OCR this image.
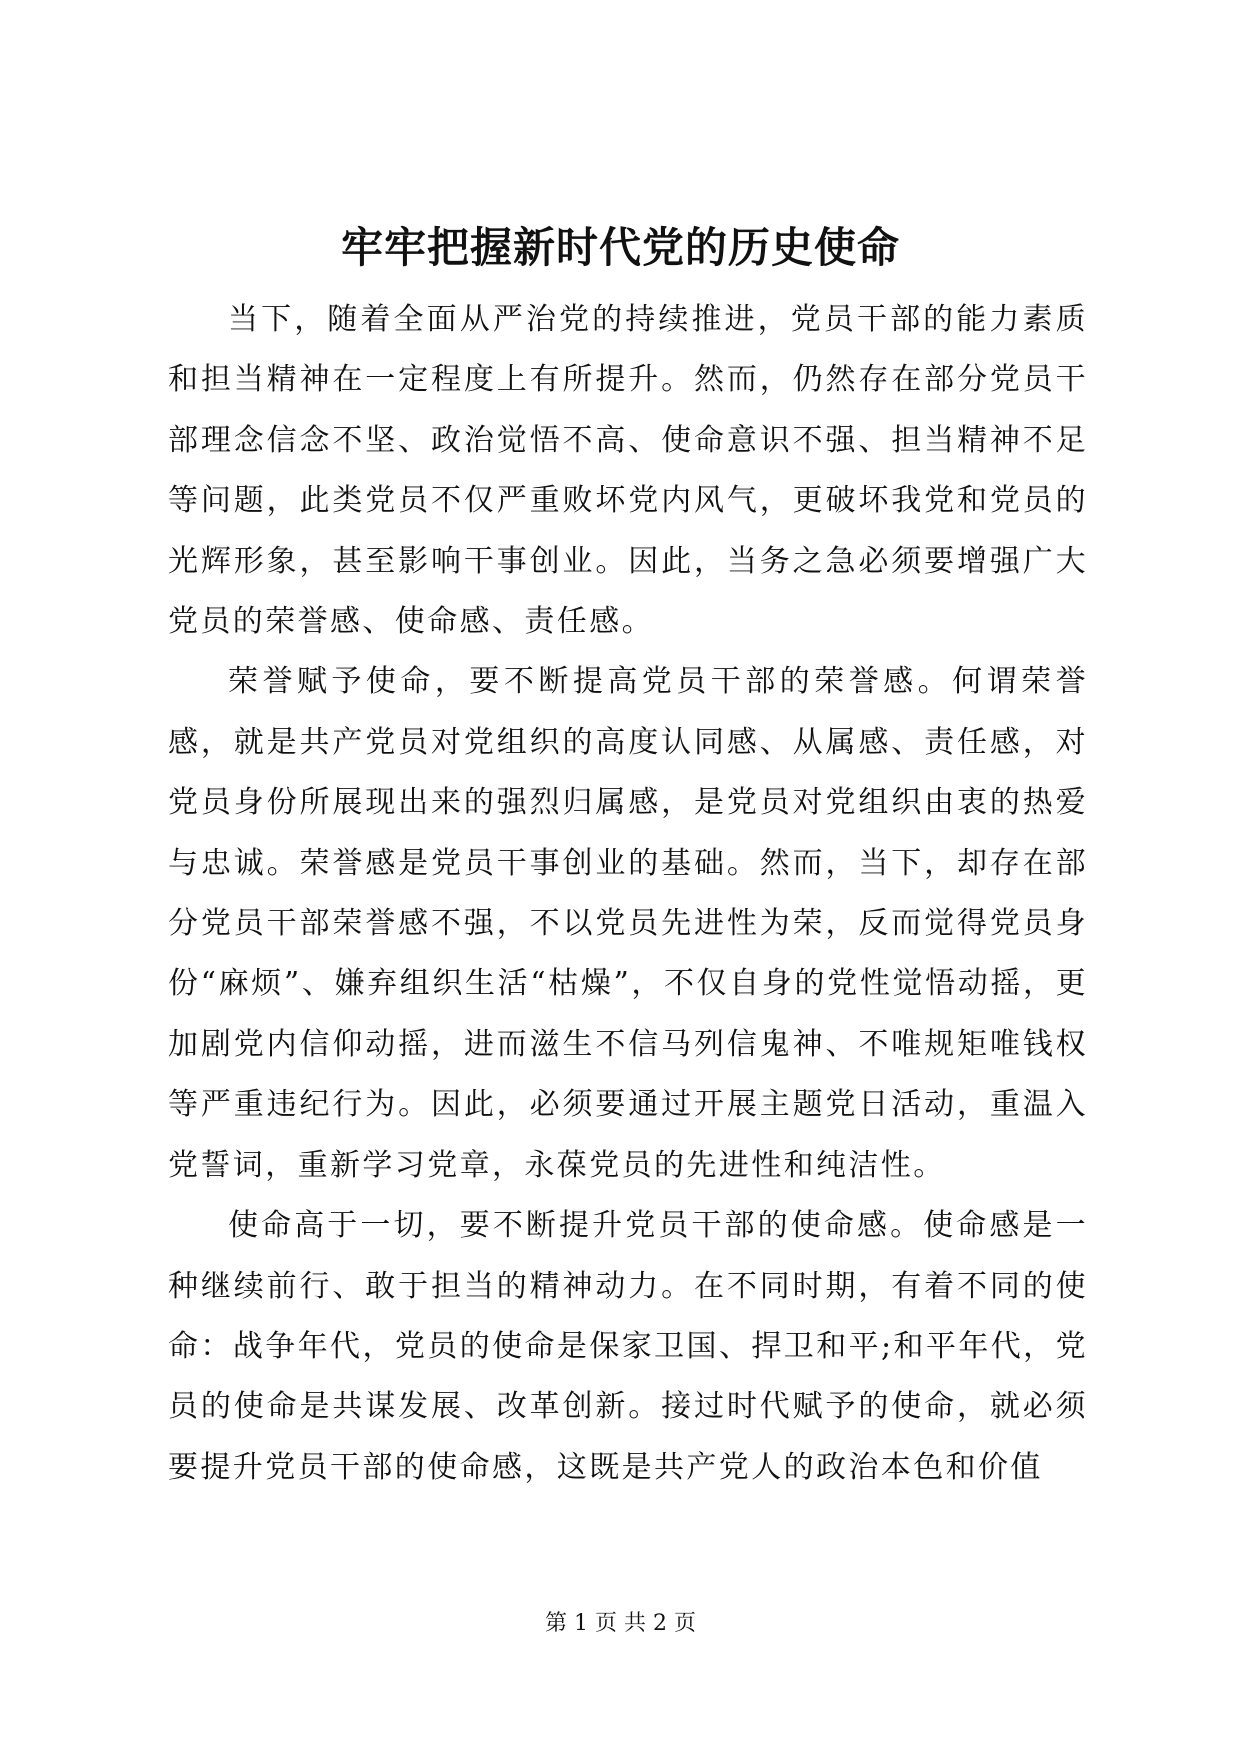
牢牢把握新时代党的历史使命

当下，随着全面从严治党的持续推进，党员干部的能力素质和担当精神在一定程度上有所提升。然而，仍然存在部分党员干部理念信念不坚、政治觉悟不高、使命意识不强、担当精神不足等问题，此类党员不仅严重败坏党内风气，更破坏我党和党员的光辉形象，甚至影响干事创业。因此，当务之急必须要增强广大党员的荣誉感、使命感、责任感。

荣誉赋予使命，要不断提高党员干部的荣誉感。何谓荣誉感，就是共产党员对党组织的高度认同感、从属感、责任感，对党员身份所展现出来的强烈归属感，是党员对党组织由衷的热爱与忠诚。荣誉感是党员干事创业的基础。然而，当下，却存在部分党员干部荣誉感不强，不以党员先进性为荣，反而觉得党员身份“麻烦”、嫌弃组织生活“枯燥”，不仅自身的党性觉悟动摇，更加剧党内信仰动摇，进而滋生不信马列信鬼神、不唯规矩唯钱权等严重违纪行为。因此，必须要通过开展主题党日活动，重温入党誓词，重新学习党章，永葆党员的先进性和纯洁性。

使命高于一切，要不断提升党员干部的使命感。使命感是一种继续前行、敢于担当的精神动力。在不同时期，有着不同的使命：战争年代，党员的使命是保家卫国、捍卫和平;和平年代，党员的使命是共谋发展、改革创新。接过时代赋予的使命，就必须要提升党员干部的使命感，这既是共产党人的政治本色和价值

第 1 页 共 2 页
